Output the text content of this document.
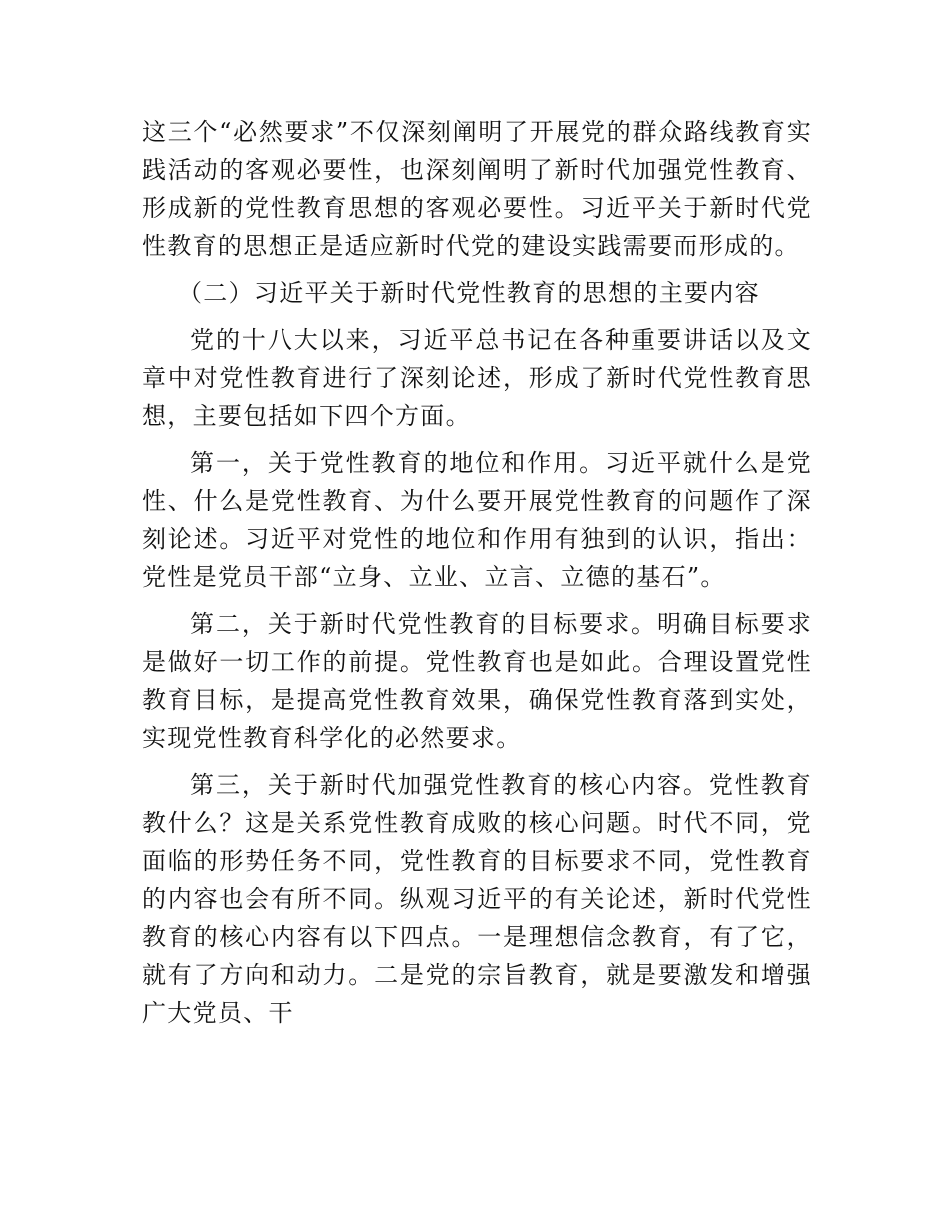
这三个“必然要求”不仅深刻阐明了开展党的群众路线教育实践活动的客观必要性，也深刻阐明了新时代加强党性教育、形成新的党性教育思想的客观必要性。习近平关于新时代党性教育的思想正是适应新时代党的建设实践需要而形成的。

（二）习近平关于新时代党性教育的思想的主要内容

党的十八大以来，习近平总书记在各种重要讲话以及文章中对党性教育进行了深刻论述，形成了新时代党性教育思想，主要包括如下四个方面。

第一，关于党性教育的地位和作用。习近平就什么是党性、什么是党性教育、为什么要开展党性教育的问题作了深刻论述。习近平对党性的地位和作用有独到的认识，指出：党性是党员干部“立身、立业、立言、立德的基石”。

第二，关于新时代党性教育的目标要求。明确目标要求是做好一切工作的前提。党性教育也是如此。合理设置党性教育目标，是提高党性教育效果，确保党性教育落到实处，实现党性教育科学化的必然要求。

第三，关于新时代加强党性教育的核心内容。党性教育教什么？这是关系党性教育成败的核心问题。时代不同，党面临的形势任务不同，党性教育的目标要求不同，党性教育的内容也会有所不同。纵观习近平的有关论述，新时代党性教育的核心内容有以下四点。一是理想信念教育，有了它，就有了方向和动力。二是党的宗旨教育，就是要激发和增强广大党员、干
